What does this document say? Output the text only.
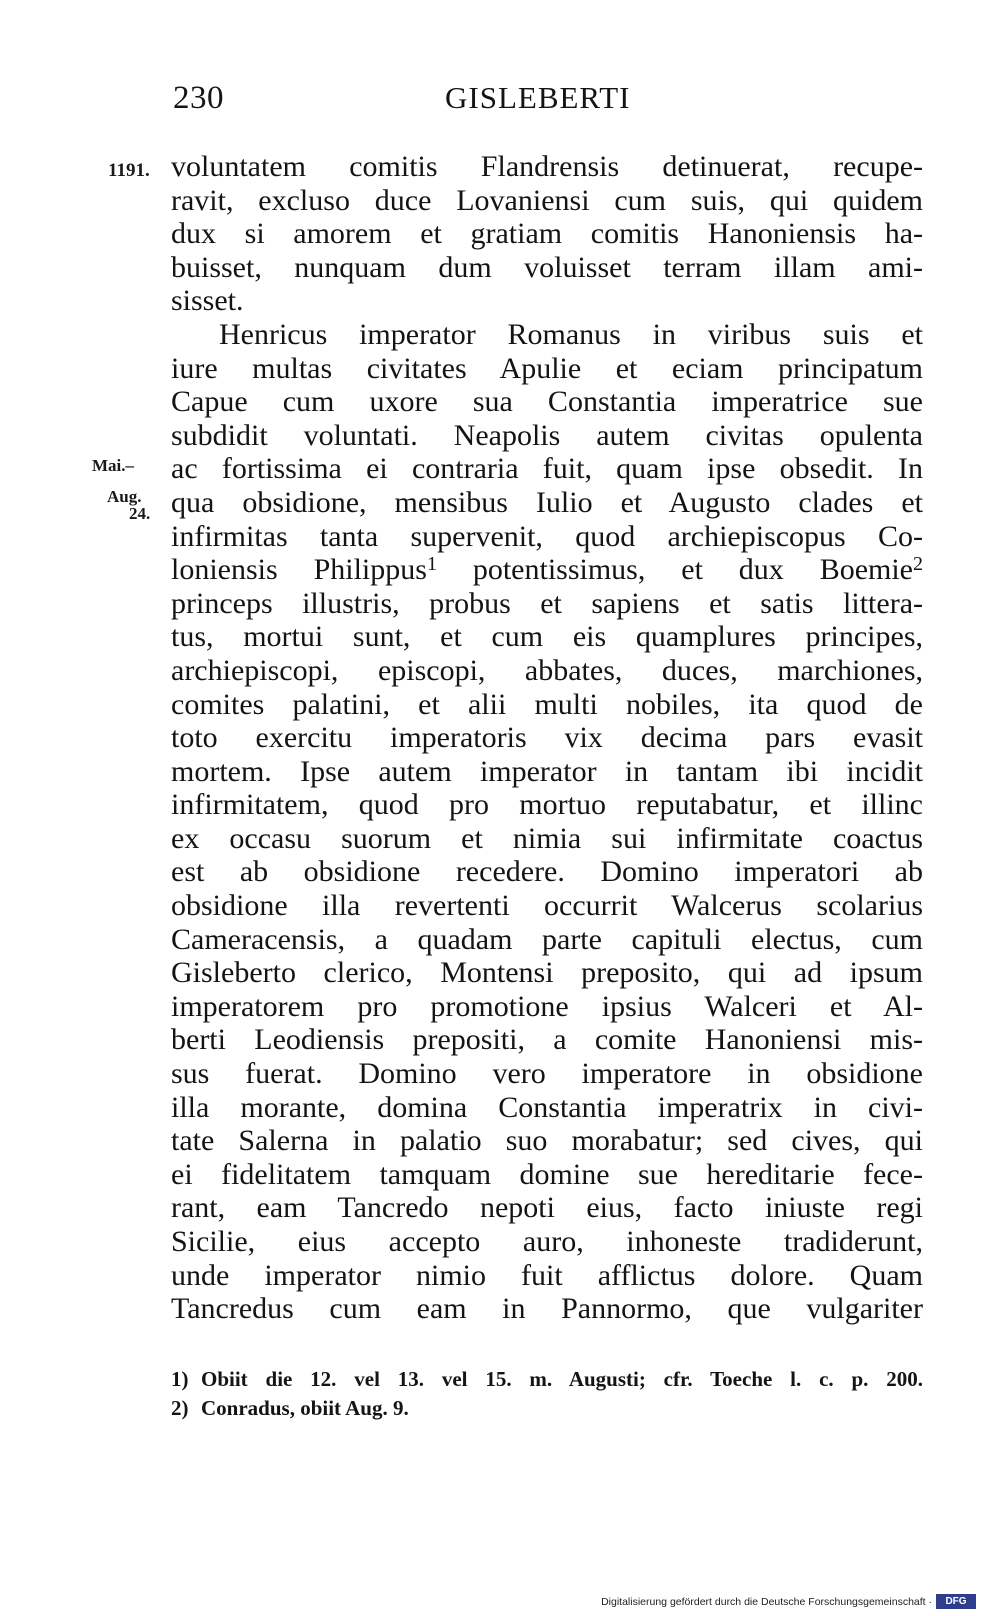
230	GISLEBERTI
1191.
Mai.–
Aug.
24.
voluntatem comitis Flandrensis detinuerat, recupe-
ravit, excluso duce Lovaniensi cum suis, qui quidem
dux si amorem et gratiam comitis Hanoniensis ha-
buisset, nunquam dum voluisset terram illam ami-
sisset.
Henricus imperator Romanus in viribus suis et
iure multas civitates Apulie et eciam principatum
Capue cum uxore sua Constantia imperatrice sue
subdidit voluntati. Neapolis autem civitas opulenta
ac fortissima ei contraria fuit, quam ipse obsedit. In
qua obsidione, mensibus Iulio et Augusto clades et
infirmitas tanta supervenit, quod archiepiscopus Co-
loniensis Philippus$^1$ potentissimus, et dux Boemie$^2$
princeps illustris, probus et sapiens et satis littera-
tus, mortui sunt, et cum eis quamplures principes,
archiepiscopi, episcopi, abbates, duces, marchiones,
comites palatini, et alii multi nobiles, ita quod de
toto exercitu imperatoris vix decima pars evasit
mortem. Ipse autem imperator in tantam ibi incidit
infirmitatem, quod pro mortuo reputabatur, et illinc
ex occasu suorum et nimia sui infirmitate coactus
est ab obsidione recedere. Domino imperatori ab
obsidione illa revertenti occurrit Walcerus scolarius
Cameracensis, a quadam parte capituli electus, cum
Gisleberto clerico, Montensi preposito, qui ad ipsum
imperatorem pro promotione ipsius Walceri et Al-
berti Leodiensis prepositi, a comite Hanoniensi mis-
sus fuerat. Domino vero imperatore in obsidione
illa morante, domina Constantia imperatrix in civi-
tate Salerna in palatio suo morabatur; sed cives, qui
ei fidelitatem tamquam domine sue hereditarie fece-
rant, eam Tancredo nepoti eius, facto iniuste regi
Sicilie, eius accepto auro, inhoneste tradiderunt,
unde imperator nimio fuit afflictus dolore. Quam
Tancredus cum eam in Pannormo, que vulgariter
1) Obiit die 12. vel 13. vel 15. m. Augusti; cfr. Toeche l. c. p. 200.
2) Conradus, obiit Aug. 9.
Digitalisierung gefördert durch die Deutsche Forschungsgemeinschaft ·	DFG
